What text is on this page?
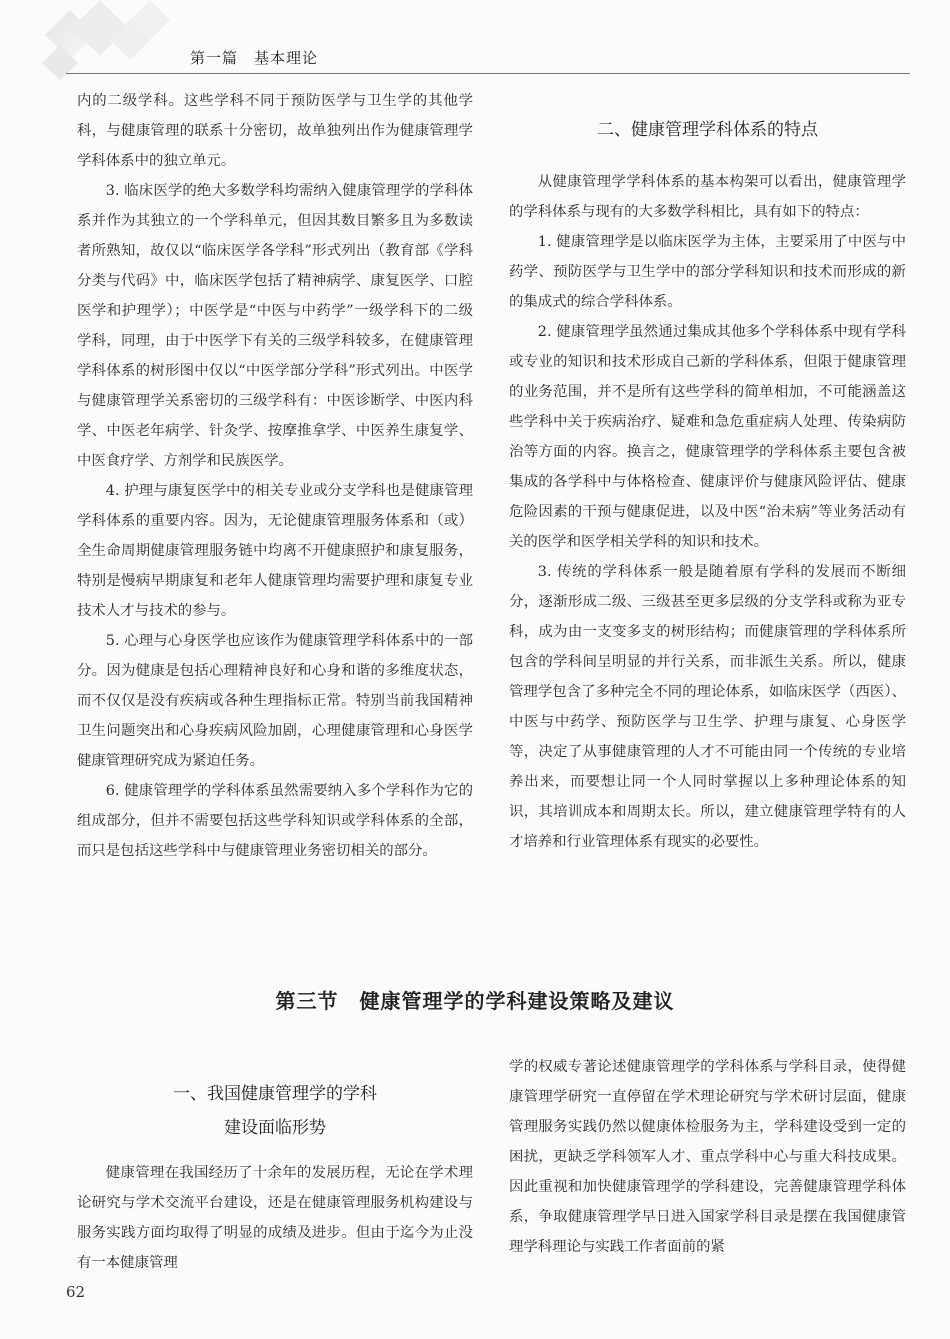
第一篇　基本理论

内的二级学科。这些学科不同于预防医学与卫生学的其他学科，与健康管理的联系十分密切，故单独列出作为健康管理学学科体系中的独立单元。

3. 临床医学的绝大多数学科均需纳入健康管理学的学科体系并作为其独立的一个学科单元，但因其数目繁多且为多数读者所熟知，故仅以“临床医学各学科”形式列出（教育部《学科分类与代码》中，临床医学包括了精神病学、康复医学、口腔医学和护理学）；中医学是“中医与中药学”一级学科下的二级学科，同理，由于中医学下有关的三级学科较多，在健康管理学科体系的树形图中仅以“中医学部分学科”形式列出。中医学与健康管理学关系密切的三级学科有：中医诊断学、中医内科学、中医老年病学、针灸学、按摩推拿学、中医养生康复学、中医食疗学、方剂学和民族医学。

4. 护理与康复医学中的相关专业或分支学科也是健康管理学科体系的重要内容。因为，无论健康管理服务体系和（或）全生命周期健康管理服务链中均离不开健康照护和康复服务，特别是慢病早期康复和老年人健康管理均需要护理和康复专业技术人才与技术的参与。

5. 心理与心身医学也应该作为健康管理学科体系中的一部分。因为健康是包括心理精神良好和心身和谐的多维度状态，而不仅仅是没有疾病或各种生理指标正常。特别当前我国精神卫生问题突出和心身疾病风险加剧，心理健康管理和心身医学健康管理研究成为紧迫任务。

6. 健康管理学的学科体系虽然需要纳入多个学科作为它的组成部分，但并不需要包括这些学科知识或学科体系的全部，而只是包括这些学科中与健康管理业务密切相关的部分。

二、健康管理学科体系的特点

从健康管理学学科体系的基本构架可以看出，健康管理学的学科体系与现有的大多数学科相比，具有如下的特点：

1. 健康管理学是以临床医学为主体，主要采用了中医与中药学、预防医学与卫生学中的部分学科知识和技术而形成的新的集成式的综合学科体系。

2. 健康管理学虽然通过集成其他多个学科体系中现有学科或专业的知识和技术形成自己新的学科体系，但限于健康管理的业务范围，并不是所有这些学科的简单相加，不可能涵盖这些学科中关于疾病治疗、疑难和急危重症病人处理、传染病防治等方面的内容。换言之，健康管理学的学科体系主要包含被集成的各学科中与体格检查、健康评价与健康风险评估、健康危险因素的干预与健康促进，以及中医“治未病”等业务活动有关的医学和医学相关学科的知识和技术。

3. 传统的学科体系一般是随着原有学科的发展而不断细分，逐渐形成二级、三级甚至更多层级的分支学科或称为亚专科，成为由一支变多支的树形结构；而健康管理的学科体系所包含的学科间呈明显的并行关系，而非派生关系。所以，健康管理学包含了多种完全不同的理论体系，如临床医学（西医）、中医与中药学、预防医学与卫生学、护理与康复、心身医学等，决定了从事健康管理的人才不可能由同一个传统的专业培养出来，而要想让同一个人同时掌握以上多种理论体系的知识，其培训成本和周期太长。所以，建立健康管理学特有的人才培养和行业管理体系有现实的必要性。

第三节　健康管理学的学科建设策略及建议
一、我国健康管理学的学科
建设面临形势

健康管理在我国经历了十余年的发展历程，无论在学术理论研究与学术交流平台建设，还是在健康管理服务机构建设与服务实践方面均取得了明显的成绩及进步。但由于迄今为止没有一本健康管理

学的权威专著论述健康管理学的学科体系与学科目录，使得健康管理学研究一直停留在学术理论研究与学术研讨层面，健康管理服务实践仍然以健康体检服务为主，学科建设受到一定的困扰，更缺乏学科领军人才、重点学科中心与重大科技成果。因此重视和加快健康管理学的学科建设，完善健康管理学科体系，争取健康管理学早日进入国家学科目录是摆在我国健康管理学科理论与实践工作者面前的紧

62
